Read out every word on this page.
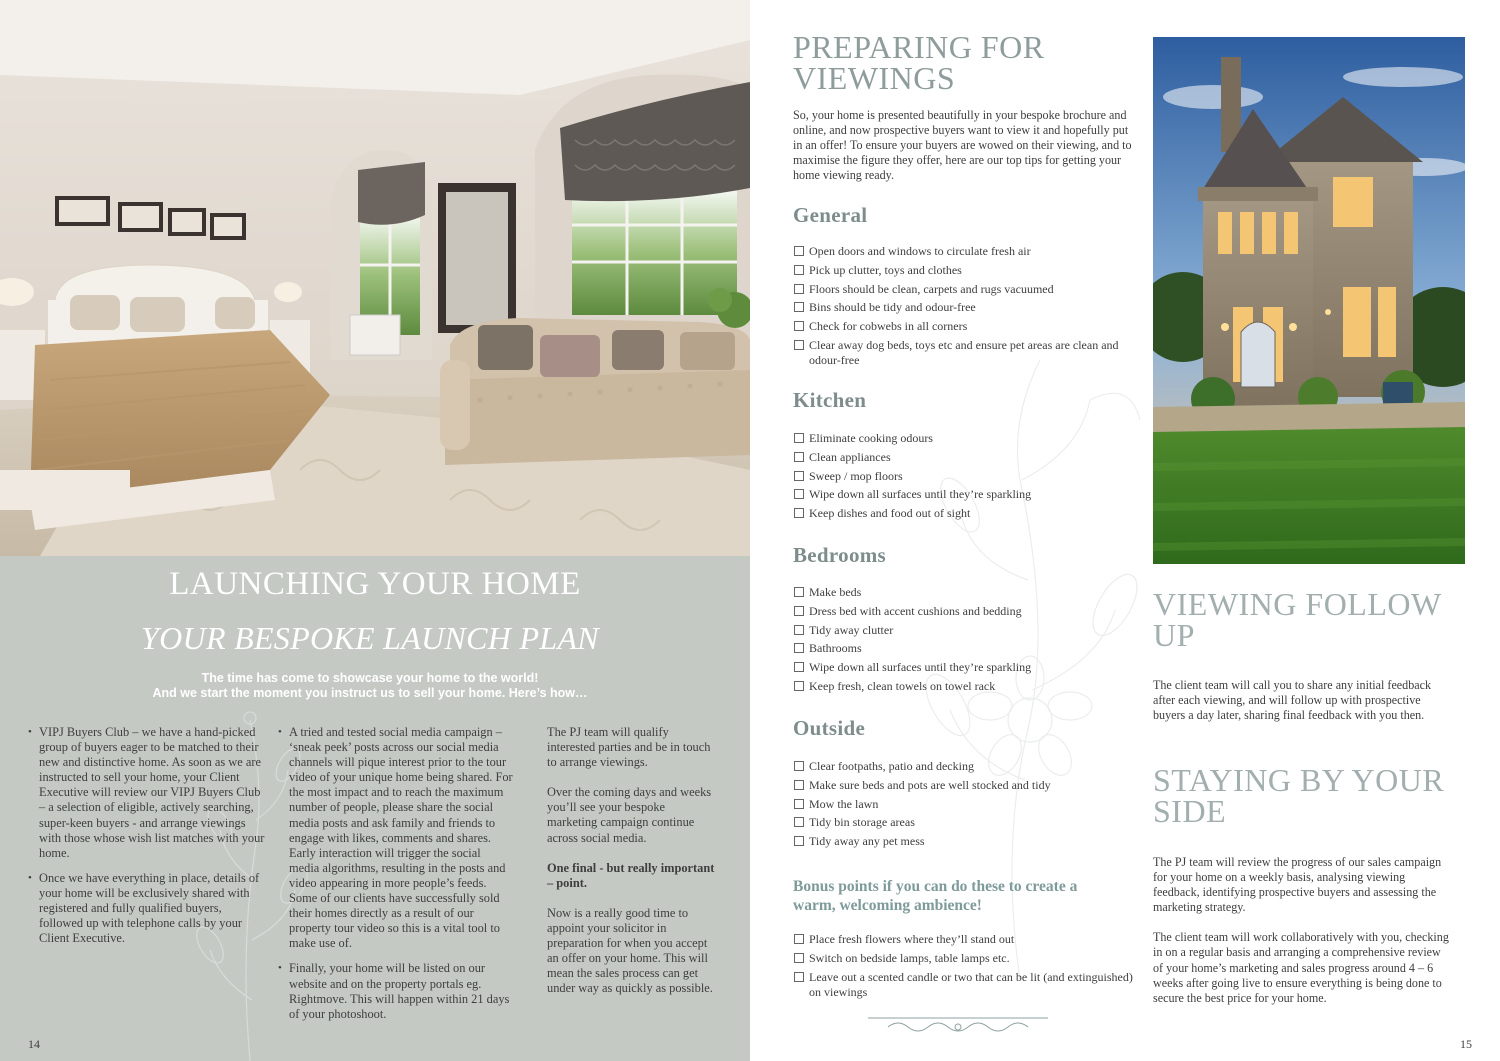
LAUNCHING YOUR HOME
YOUR BESPOKE LAUNCH PLAN
The time has come to showcase your home to the world!
And we start the moment you instruct us to sell your home. Here’s how…
• VIPJ Buyers Club – we have a hand-picked group of buyers eager to be matched to their new and distinctive home. As soon as we are instructed to sell your home, your Client Executive will review our VIPJ Buyers Club – a selection of eligible, actively searching, super-keen buyers - and arrange viewings with those whose wish list matches with your home.
• Once we have everything in place, details of your home will be exclusively shared with registered and fully qualified buyers, followed up with telephone calls by your Client Executive.
• A tried and tested social media campaign – ‘sneak peek’ posts across our social media channels will pique interest prior to the tour video of your unique home being shared. For the most impact and to reach the maximum number of people, please share the social media posts and ask family and friends to engage with likes, comments and shares. Early interaction will trigger the social media algorithms, resulting in the posts and video appearing in more people’s feeds. Some of our clients have successfully sold their homes directly as a result of our property tour video so this is a vital tool to make use of.
• Finally, your home will be listed on our website and on the property portals eg. Rightmove. This will happen within 21 days of your photoshoot.

The PJ team will qualify interested parties and be in touch to arrange viewings.

Over the coming days and weeks you’ll see your bespoke marketing campaign continue across social media.

One final - but really important – point.

Now is a really good time to appoint your solicitor in preparation for when you accept an offer on your home. This will mean the sales process can get under way as quickly as possible.

14
PREPARING FOR VIEWINGS
So, your home is presented beautifully in your bespoke brochure and online, and now prospective buyers want to view it and hopefully put in an offer! To ensure your buyers are wowed on their viewing, and to maximise the figure they offer, here are our top tips for getting your home viewing ready.
General
Open doors and windows to circulate fresh air
Pick up clutter, toys and clothes
Floors should be clean, carpets and rugs vacuumed
Bins should be tidy and odour-free
Check for cobwebs in all corners
Clear away dog beds, toys etc and ensure pet areas are clean and odour-free
Kitchen
Eliminate cooking odours
Clean appliances
Sweep / mop floors
Wipe down all surfaces until they’re sparkling
Keep dishes and food out of sight
Bedrooms
Make beds
Dress bed with accent cushions and bedding
Tidy away clutter
Bathrooms
Wipe down all surfaces until they’re sparkling
Keep fresh, clean towels on towel rack
Outside
Clear footpaths, patio and decking
Make sure beds and pots are well stocked and tidy
Mow the lawn
Tidy bin storage areas
Tidy away any pet mess
Bonus points if you can do these to create a warm, welcoming ambience!
Place fresh flowers where they’ll stand out
Switch on bedside lamps, table lamps etc.
Leave out a scented candle or two that can be lit (and extinguished) on viewings
VIEWING FOLLOW UP

The client team will call you to share any initial feedback after each viewing, and will follow up with prospective buyers a day later, sharing final feedback with you then.

STAYING BY YOUR SIDE

The PJ team will review the progress of our sales campaign for your home on a weekly basis, analysing viewing feedback, identifying prospective buyers and assessing the marketing strategy.

The client team will work collaboratively with you, checking in on a regular basis and arranging a comprehensive review of your home’s marketing and sales progress around 4 – 6 weeks after going live to ensure everything is being done to secure the best price for your home.

15
